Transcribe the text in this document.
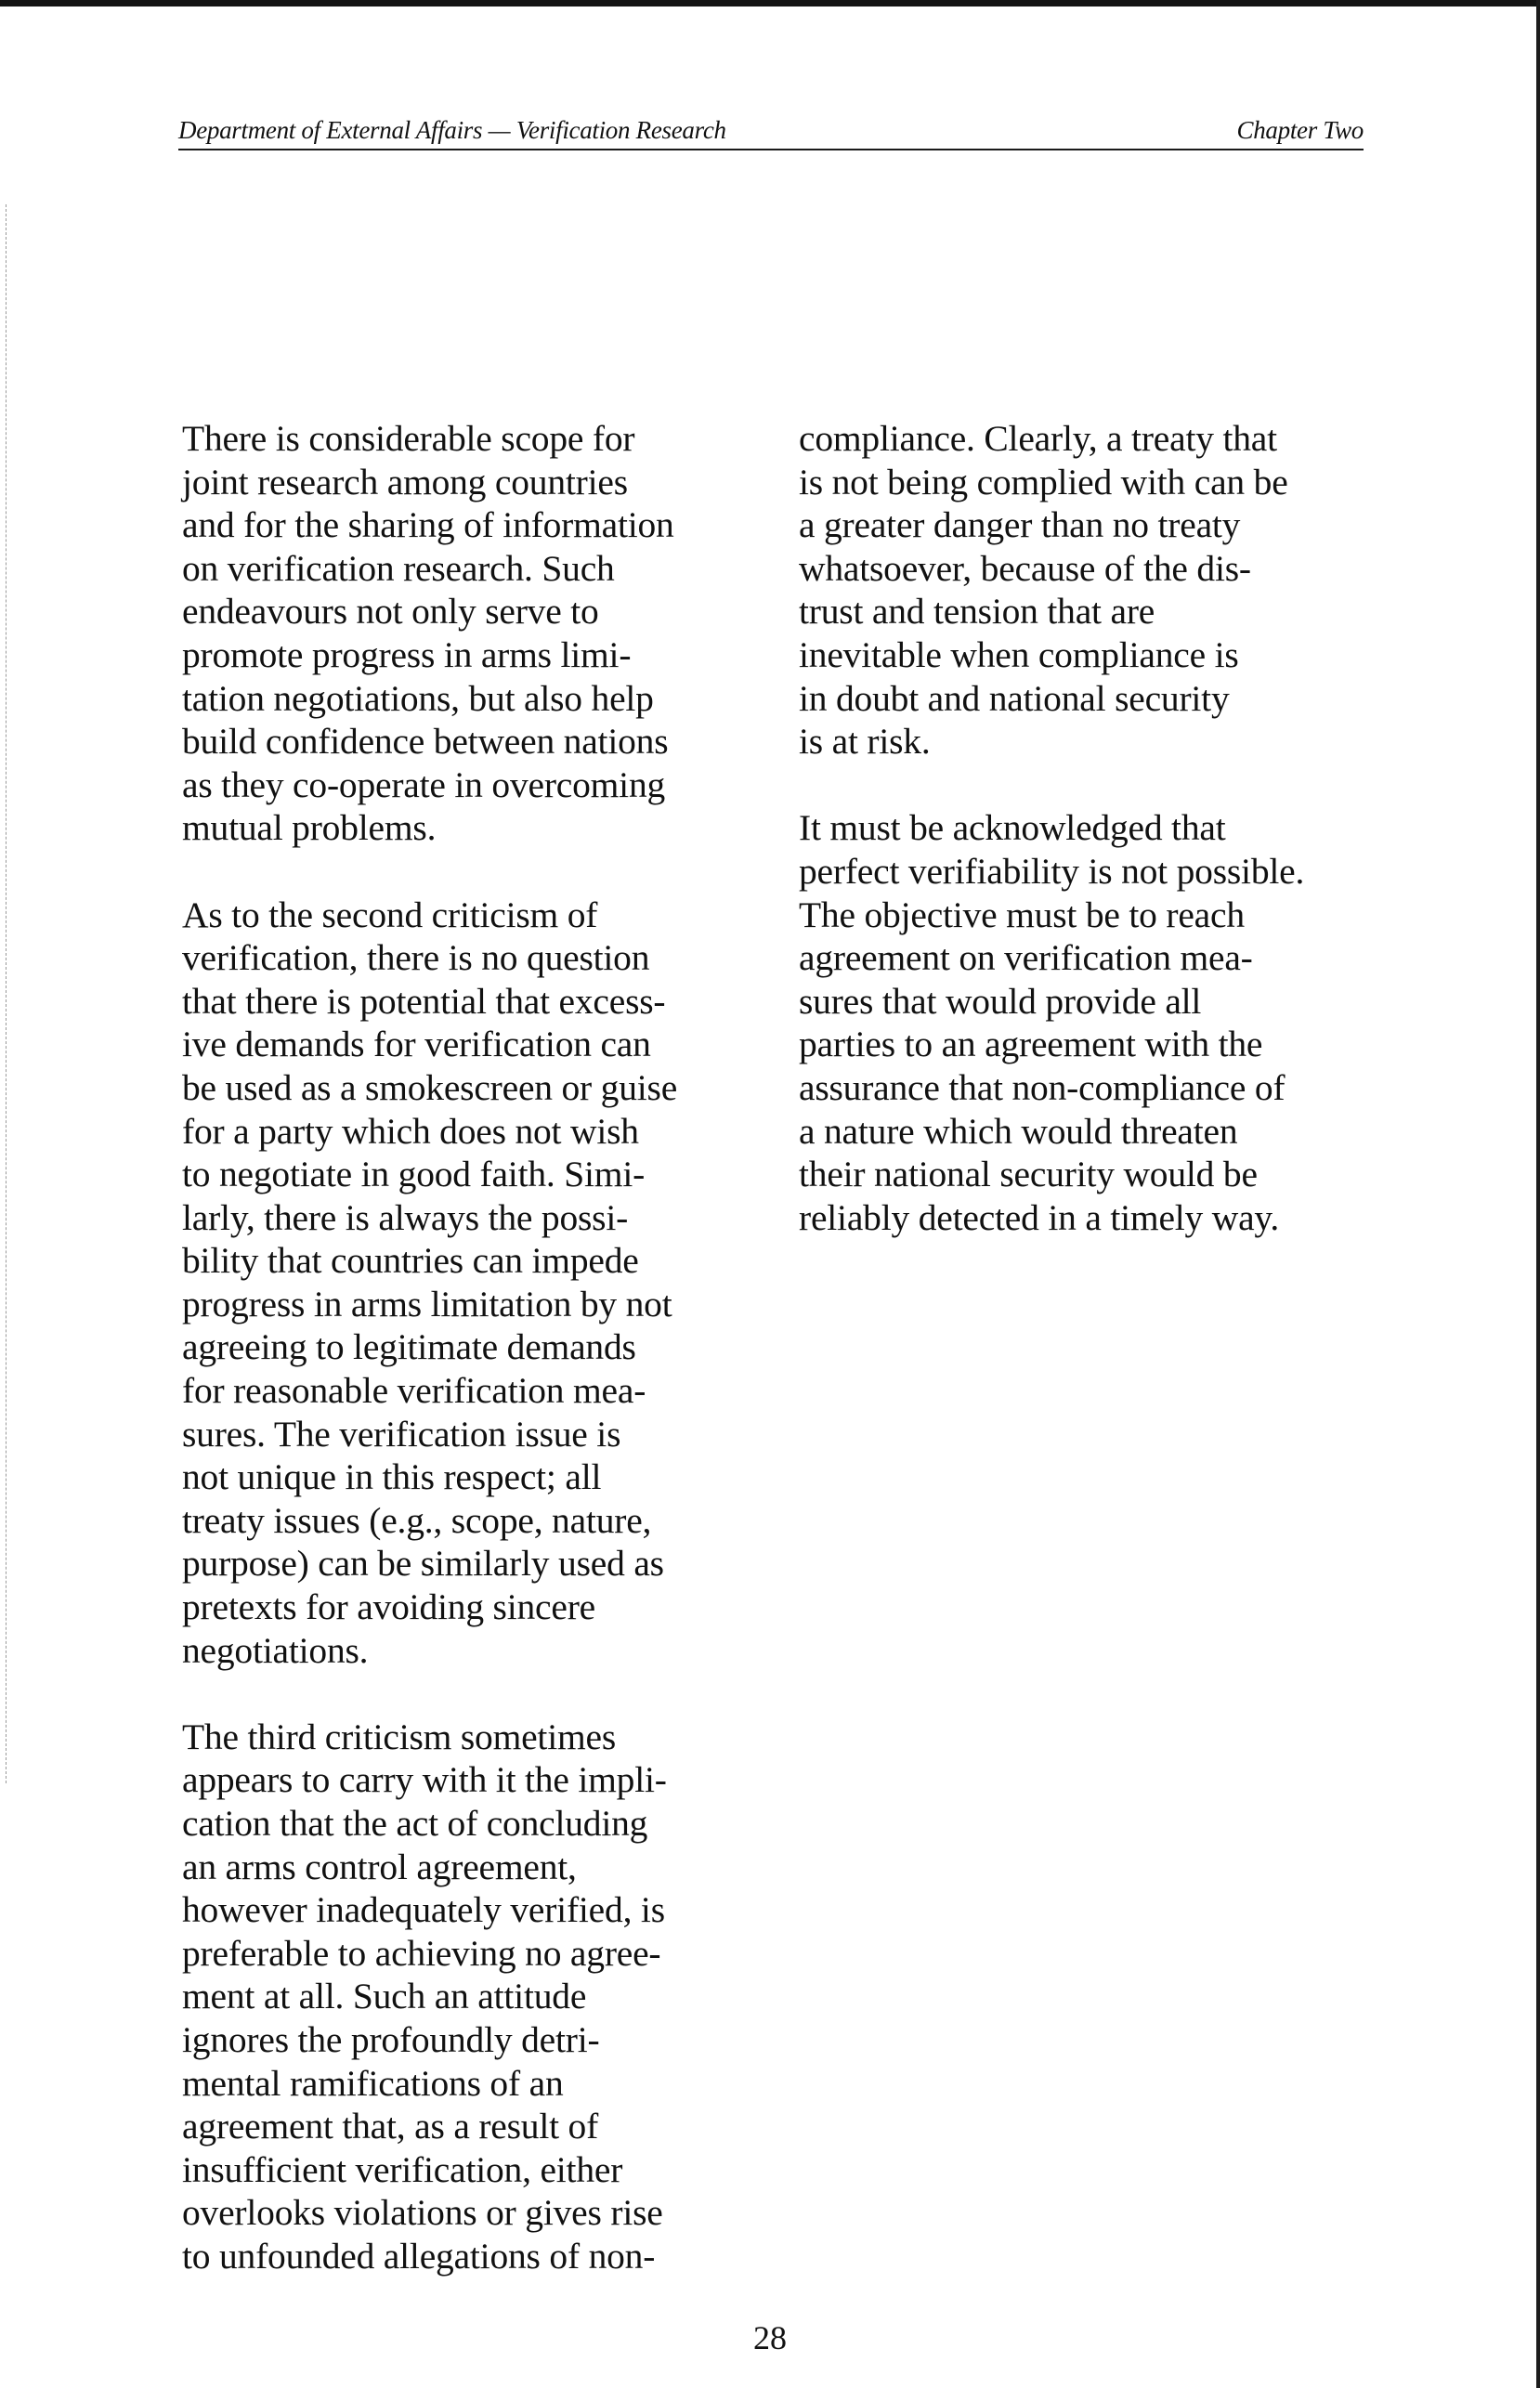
Department of External Affairs — Verification Research	Chapter Two
There is considerable scope for
joint research among countries
and for the sharing of information
on verification research. Such
endeavours not only serve to
promote progress in arms limi-
tation negotiations, but also help
build confidence between nations
as they co-operate in overcoming
mutual problems.
As to the second criticism of
verification, there is no question
that there is potential that excess-
ive demands for verification can
be used as a smokescreen or guise
for a party which does not wish
to negotiate in good faith. Simi-
larly, there is always the possi-
bility that countries can impede
progress in arms limitation by not
agreeing to legitimate demands
for reasonable verification mea-
sures. The verification issue is
not unique in this respect; all
treaty issues (e.g., scope, nature,
purpose) can be similarly used as
pretexts for avoiding sincere
negotiations.
The third criticism sometimes
appears to carry with it the impli-
cation that the act of concluding
an arms control agreement,
however inadequately verified, is
preferable to achieving no agree-
ment at all. Such an attitude
ignores the profoundly detri-
mental ramifications of an
agreement that, as a result of
insufficient verification, either
overlooks violations or gives rise
to unfounded allegations of non-
compliance. Clearly, a treaty that
is not being complied with can be
a greater danger than no treaty
whatsoever, because of the dis-
trust and tension that are
inevitable when compliance is
in doubt and national security
is at risk.
It must be acknowledged that
perfect verifiability is not possible.
The objective must be to reach
agreement on verification mea-
sures that would provide all
parties to an agreement with the
assurance that non-compliance of
a nature which would threaten
their national security would be
reliably detected in a timely way.
28
